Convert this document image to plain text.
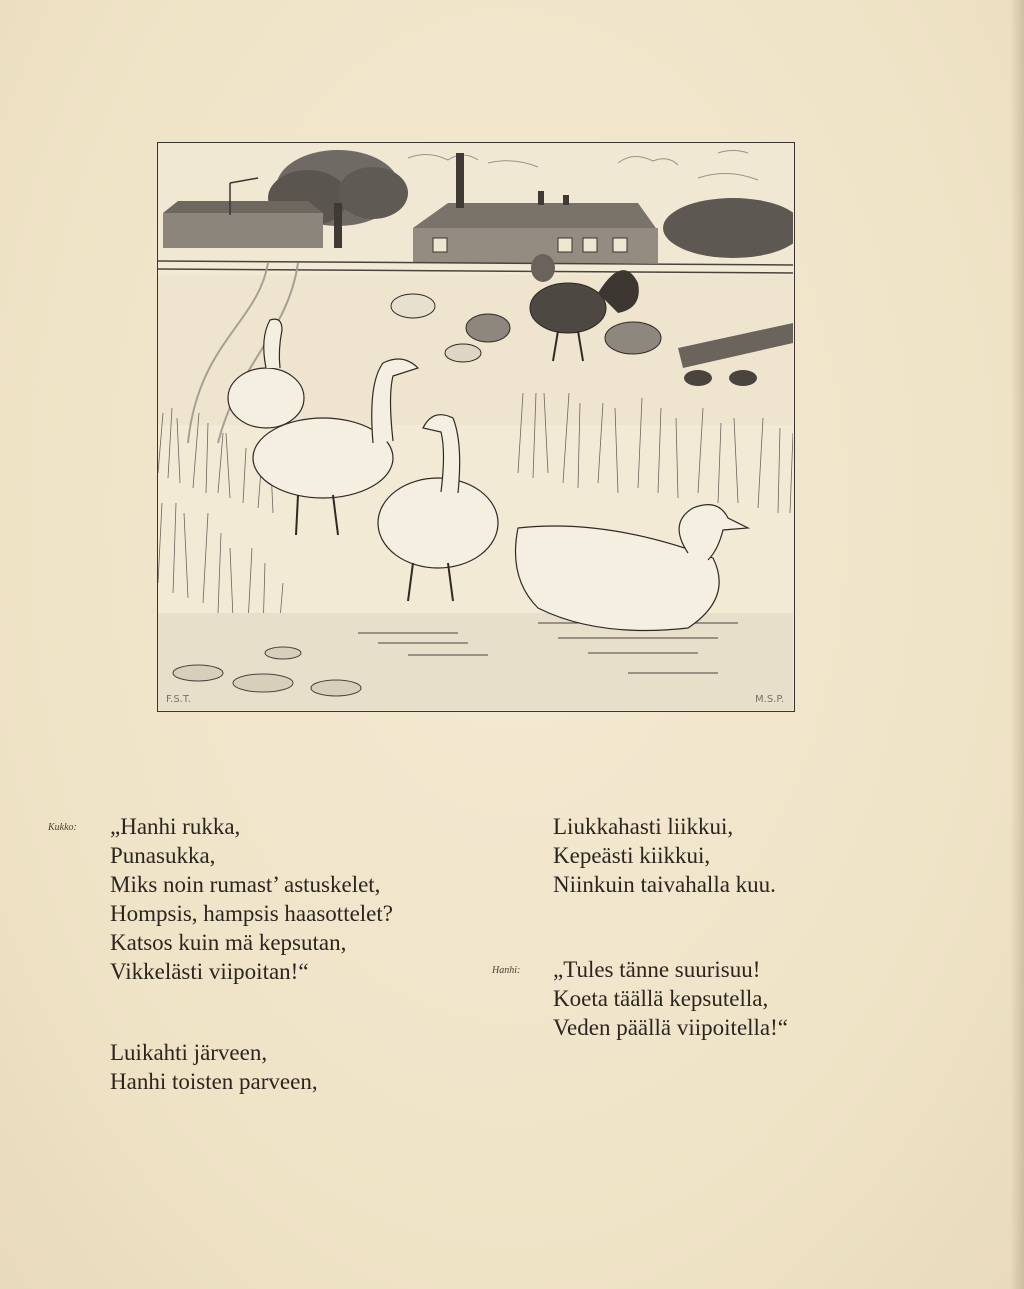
F.S.T.	M.S.P.
Kukko: „Hanhi rukka,
Punasukka,
Miks noin rumast’ astuskelet,
Hompsis, hampsis haasottelet?
Katsos kuin mä kepsutan,
Vikkelästi viipoitan!“
Luikahti järveen,
Hanhi toisten parveen,
Liukkahasti liikkui,
Kepeästi kiikkui,
Niinkuin taivahalla kuu.
Hanhi: „Tules tänne suurisuu!
Koeta täällä kepsutella,
Veden päällä viipoitella!“
